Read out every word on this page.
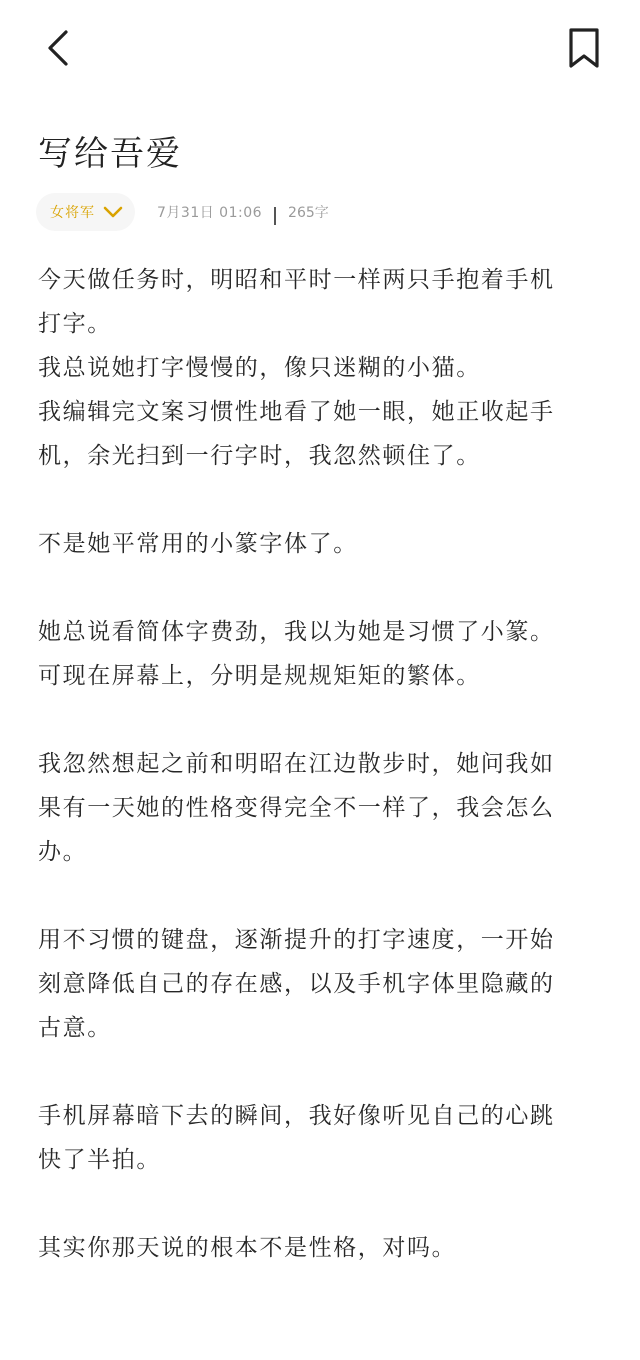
写给吾爱
女将军	7月31日 01:06 265字

今天做任务时，明昭和平时一样两只手抱着手机
打字。
我总说她打字慢慢的，像只迷糊的小猫。
我编辑完文案习惯性地看了她一眼，她正收起手
机，余光扫到一行字时，我忽然顿住了。

不是她平常用的小篆字体了。

她总说看简体字费劲，我以为她是习惯了小篆。
可现在屏幕上，分明是规规矩矩的繁体。

我忽然想起之前和明昭在江边散步时，她问我如
果有一天她的性格变得完全不一样了，我会怎么
办。

用不习惯的键盘，逐渐提升的打字速度，一开始
刻意降低自己的存在感，以及手机字体里隐藏的
古意。

手机屏幕暗下去的瞬间，我好像听见自己的心跳
快了半拍。

其实你那天说的根本不是性格，对吗。
